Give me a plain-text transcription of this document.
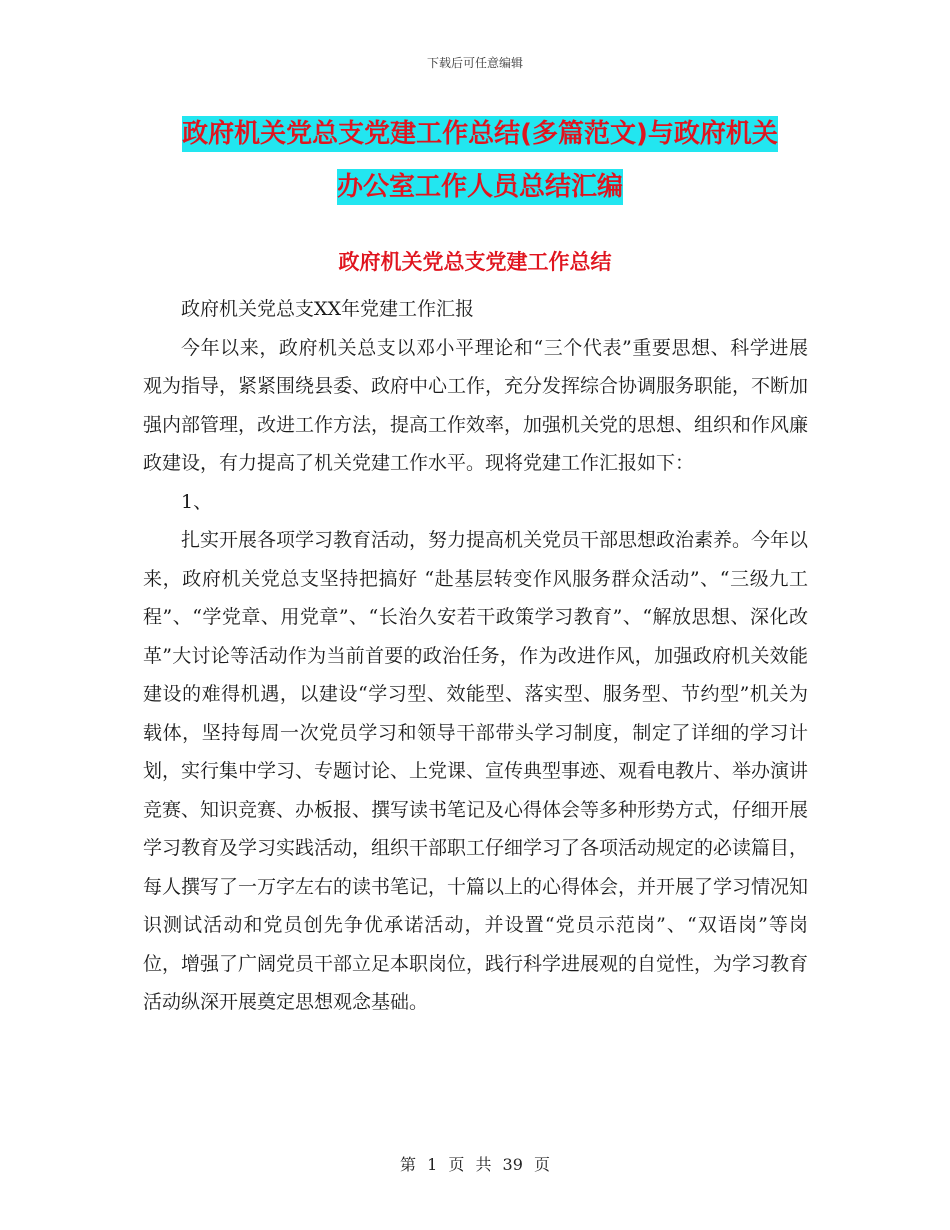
下载后可任意编辑
政府机关党总支党建工作总结(多篇范文)与政府机关
办公室工作人员总结汇编
政府机关党总支党建工作总结

政府机关党总支XX年党建工作汇报

今年以来，政府机关总支以邓小平理论和“三个代表”重要思想、科学进展观为指导，紧紧围绕县委、政府中心工作，充分发挥综合协调服务职能，不断加强内部管理，改进工作方法，提高工作效率，加强机关党的思想、组织和作风廉政建设，有力提高了机关党建工作水平。现将党建工作汇报如下：

1、

扎实开展各项学习教育活动，努力提高机关党员干部思想政治素养。今年以来，政府机关党总支坚持把搞好 “赴基层转变作风服务群众活动”、“三级九工程”、“学党章、用党章”、“长治久安若干政策学习教育”、“解放思想、深化改革”大讨论等活动作为当前首要的政治任务，作为改进作风，加强政府机关效能建设的难得机遇，以建设“学习型、效能型、落实型、服务型、节约型”机关为载体，坚持每周一次党员学习和领导干部带头学习制度，制定了详细的学习计划，实行集中学习、专题讨论、上党课、宣传典型事迹、观看电教片、举办演讲竞赛、知识竞赛、办板报、撰写读书笔记及心得体会等多种形势方式，仔细开展学习教育及学习实践活动，组织干部职工仔细学习了各项活动规定的必读篇目，每人撰写了一万字左右的读书笔记，十篇以上的心得体会，并开展了学习情况知识测试活动和党员创先争优承诺活动，并设置“党员示范岗”、“双语岗”等岗位，增强了广阔党员干部立足本职岗位，践行科学进展观的自觉性，为学习教育活动纵深开展奠定思想观念基础。

第 1 页 共 39 页
